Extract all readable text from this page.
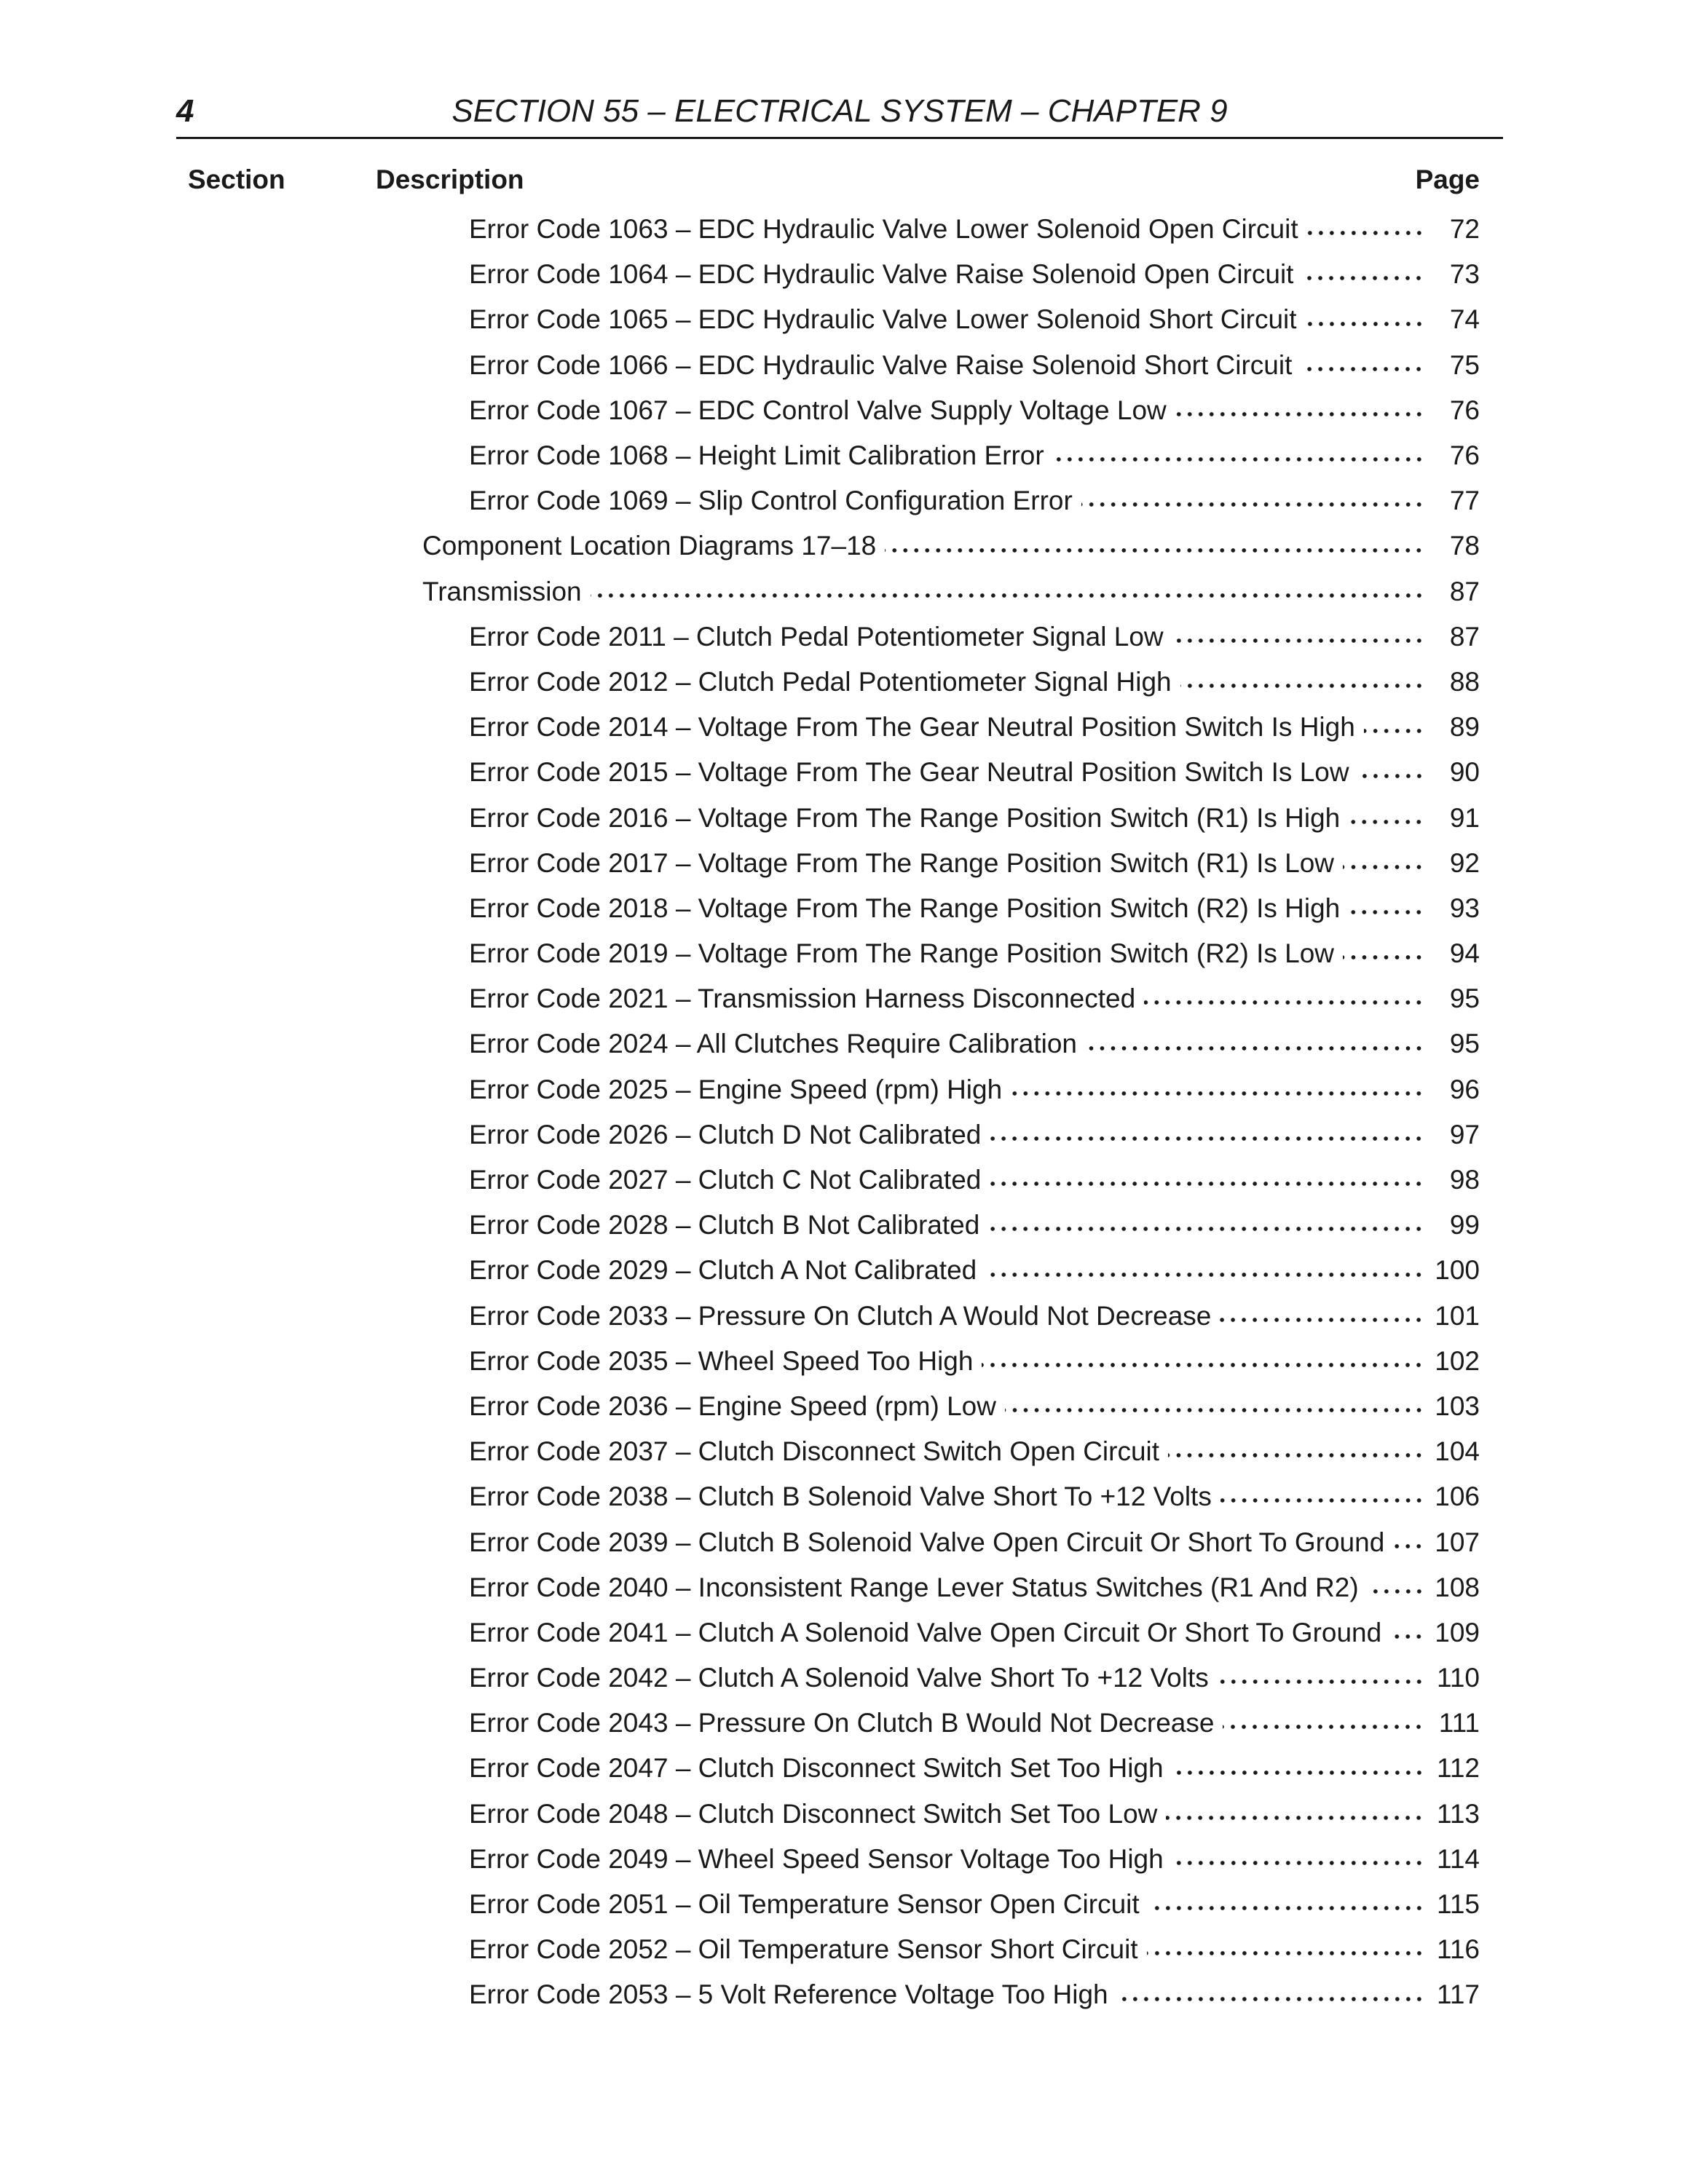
4	SECTION 55 – ELECTRICAL SYSTEM – CHAPTER 9
Section	Description	Page
Error Code 1063 – EDC Hydraulic Valve Lower Solenoid Open Circuit	72
Error Code 1064 – EDC Hydraulic Valve Raise Solenoid Open Circuit	73
Error Code 1065 – EDC Hydraulic Valve Lower Solenoid Short Circuit	74
Error Code 1066 – EDC Hydraulic Valve Raise Solenoid Short Circuit	75
Error Code 1067 – EDC Control Valve Supply Voltage Low	76
Error Code 1068 – Height Limit Calibration Error	76
Error Code 1069 – Slip Control Configuration Error	77
Component Location Diagrams 17–18	78
Transmission	87
Error Code 2011 – Clutch Pedal Potentiometer Signal Low	87
Error Code 2012 – Clutch Pedal Potentiometer Signal High	88
Error Code 2014 – Voltage From The Gear Neutral Position Switch Is High	89
Error Code 2015 – Voltage From The Gear Neutral Position Switch Is Low	90
Error Code 2016 – Voltage From The Range Position Switch (R1) Is High	91
Error Code 2017 – Voltage From The Range Position Switch (R1) Is Low	92
Error Code 2018 – Voltage From The Range Position Switch (R2) Is High	93
Error Code 2019 – Voltage From The Range Position Switch (R2) Is Low	94
Error Code 2021 – Transmission Harness Disconnected	95
Error Code 2024 – All Clutches Require Calibration	95
Error Code 2025 – Engine Speed (rpm) High	96
Error Code 2026 – Clutch D Not Calibrated	97
Error Code 2027 – Clutch C Not Calibrated	98
Error Code 2028 – Clutch B Not Calibrated	99
Error Code 2029 – Clutch A Not Calibrated	100
Error Code 2033 – Pressure On Clutch A Would Not Decrease	101
Error Code 2035 – Wheel Speed Too High	102
Error Code 2036 – Engine Speed (rpm) Low	103
Error Code 2037 – Clutch Disconnect Switch Open Circuit	104
Error Code 2038 – Clutch B Solenoid Valve Short To +12 Volts	106
Error Code 2039 – Clutch B Solenoid Valve Open Circuit Or Short To Ground 107
Error Code 2040 – Inconsistent Range Lever Status Switches (R1 And R2)	108
Error Code 2041 – Clutch A Solenoid Valve Open Circuit Or Short To Ground 109
Error Code 2042 – Clutch A Solenoid Valve Short To +12 Volts	110
Error Code 2043 – Pressure On Clutch B Would Not Decrease	111
Error Code 2047 – Clutch Disconnect Switch Set Too High	112
Error Code 2048 – Clutch Disconnect Switch Set Too Low	113
Error Code 2049 – Wheel Speed Sensor Voltage Too High	114
Error Code 2051 – Oil Temperature Sensor Open Circuit	115
Error Code 2052 – Oil Temperature Sensor Short Circuit	116
Error Code 2053 – 5 Volt Reference Voltage Too High	117
